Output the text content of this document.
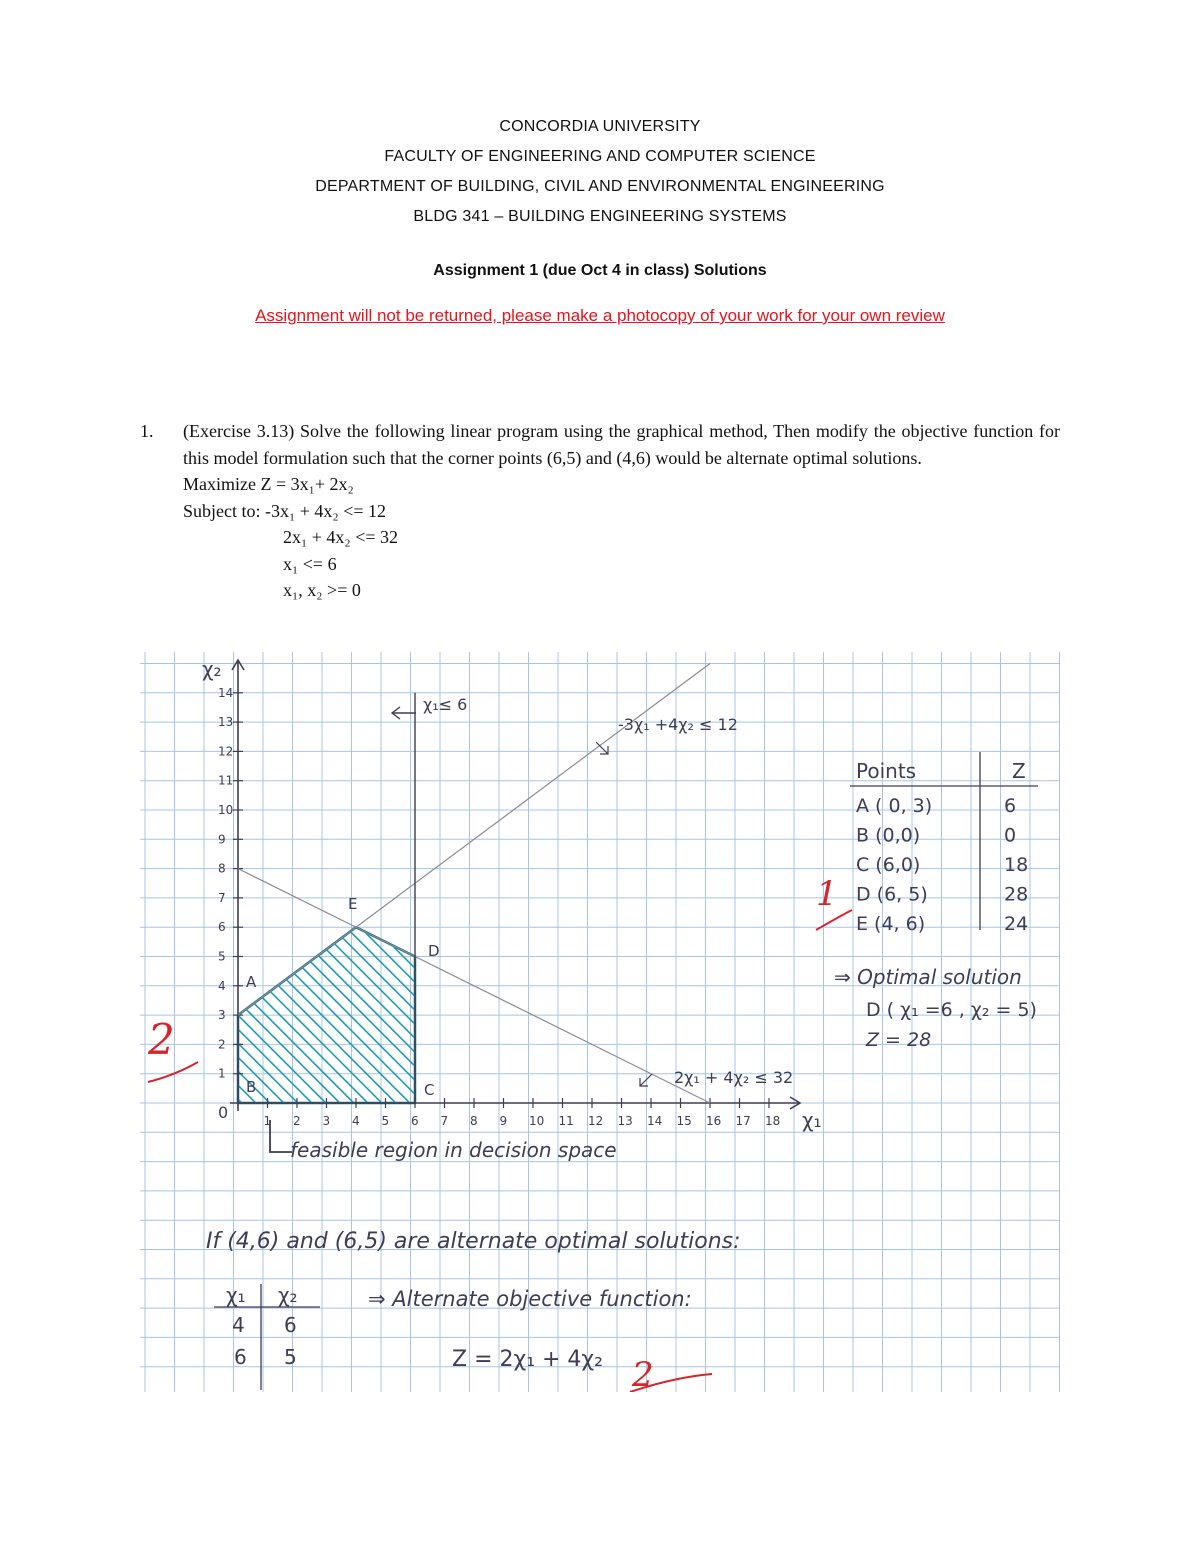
CONCORDIA UNIVERSITY
FACULTY OF ENGINEERING AND COMPUTER SCIENCE
DEPARTMENT OF BUILDING, CIVIL AND ENVIRONMENTAL ENGINEERING
BLDG 341 – BUILDING ENGINEERING SYSTEMS
Assignment 1 (due Oct 4 in class) Solutions
Assignment will not be returned, please make a photocopy of your work for your own review
1. (Exercise 3.13) Solve the following linear program using the graphical method, Then modify the objective function for this model formulation such that the corner points (6,5) and (4,6) would be alternate optimal solutions.
Maximize Z = 3x₁+ 2x₂
Subject to: -3x₁ + 4x₂ <= 12
2x₁ + 4x₂ <= 32
x₁ <= 6
x₁, x₂ >= 0
1 2 3 4 5 6 7 8 9 10 11 12 13 14 15 16 17 18
1
2
3
4
5
6
7
8
9
10
11
12
13
14
χ₂
χ₁
0
χ₁≤ 6
-3χ₁ +4χ₂ ≤ 12
2χ₁ + 4χ₂ ≤ 32
A
B	C
D
E
feasible region in decision space
Points	Z
A ( 0, 3)	6
B (0,0)	0
C (6,0)	18
D (6, 5)	28
E (4, 6)	24
1
⇒ Optimal solution
D ( χ₁ =6 , χ₂ = 5)
Z = 28
2
If (4,6) and (6,5) are alternate optimal solutions:
χ₁ χ₂
4 6
6 5
⇒ Alternate objective function:
Z = 2χ₁ + 4χ₂ 2
